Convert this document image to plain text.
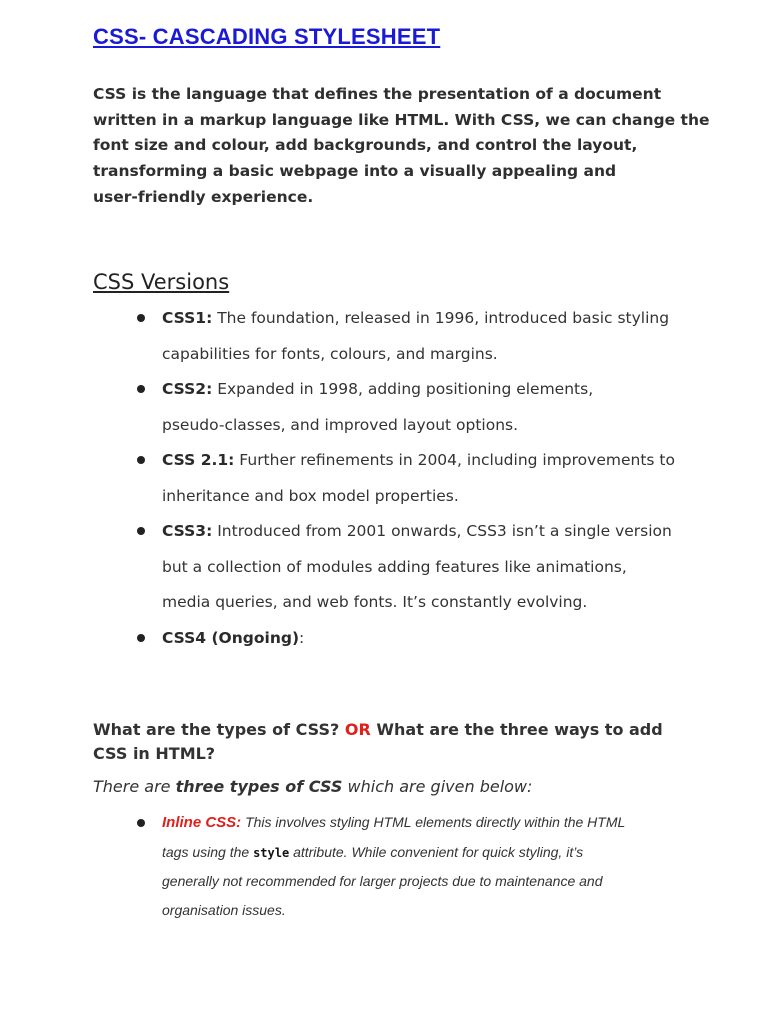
CSS- CASCADING STYLESHEET

CSS is the language that defines the presentation of a document
written in a markup language like HTML. With CSS, we can change the
font size and colour, add backgrounds, and control the layout,
transforming a basic webpage into a visually appealing and
user-friendly experience.

CSS Versions
CSS1: The foundation, released in 1996, introduced basic styling
capabilities for fonts, colours, and margins.
CSS2: Expanded in 1998, adding positioning elements,
pseudo-classes, and improved layout options.
CSS 2.1: Further refinements in 2004, including improvements to
inheritance and box model properties.
CSS3: Introduced from 2001 onwards, CSS3 isn’t a single version
but a collection of modules adding features like animations,
media queries, and web fonts. It’s constantly evolving.
CSS4 (Ongoing):

What are the types of CSS? OR What are the three ways to add CSS in HTML?

There are three types of CSS which are given below:

Inline CSS: This involves styling HTML elements directly within the HTML
tags using the style attribute. While convenient for quick styling, it’s
generally not recommended for larger projects due to maintenance and
organisation issues.
